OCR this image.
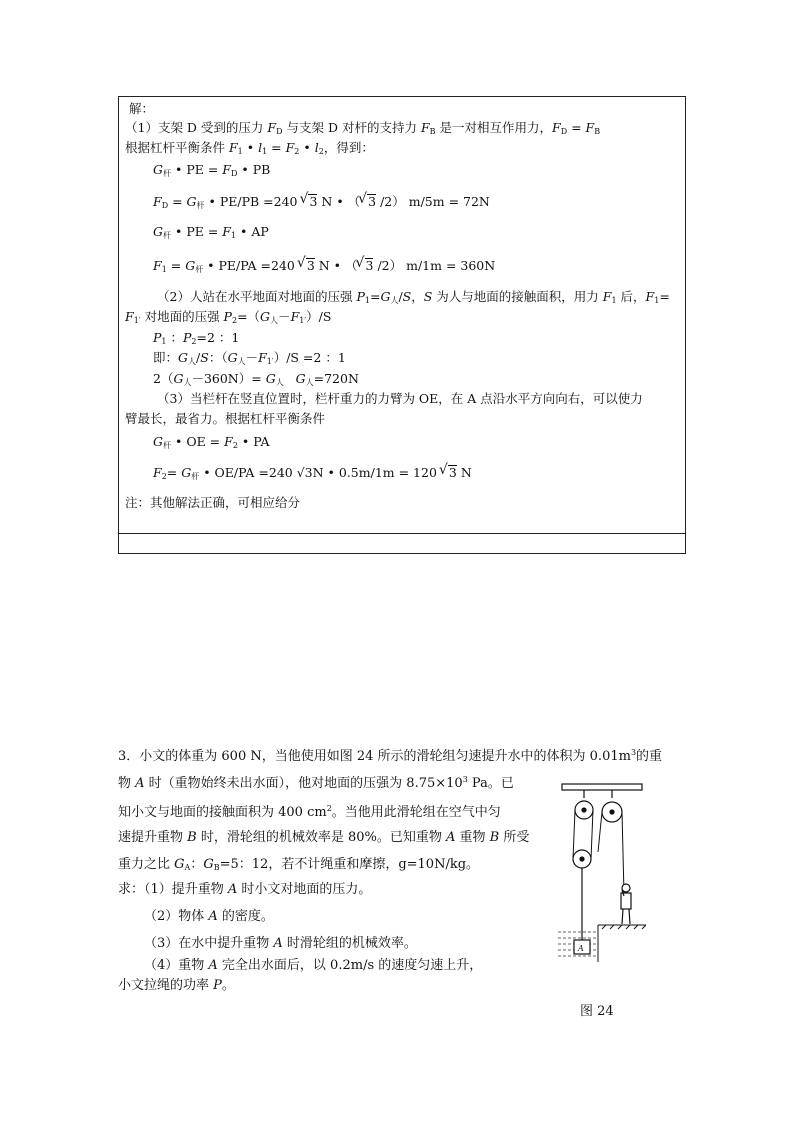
解：
（1）支架 D 受到的压力 $F_D$ 与支架 D 对杆的支持力 $F_B$ 是一对相互作用力，$F_D = F_B$
根据杠杆平衡条件 $F_1$ • $l_1 = F_2$ • $l_2$，得到：
$G_杆$ • PE = $F_D$ • PB
$F_D = G_杆$ • PE/PB =240 √ 3 N • （ √ 3 /2） m/5m = 72N
$G_杆$ • PE = $F_1$ • AP
$F_1 = G_杆$ • PE/PA =240 √ 3 N • （ √ 3 /2） m/1m = 360N
（2）人站在水平地面对地面的压强 $P_1=G_人/S$，S 为人与地面的接触面积，用力 $F_1$ 后，$F_1=$
$F_{1'}$ 对地面的压强 $P_2=(G_人-F_{1'})/S$
$P_1$ ：$P_2=2$ ：1
即：$G_人/S$：$(G_人-F_{1'})/S =2$ ：1
$2(G_人-360N)= G_人$ $G_人=720N$
（3）当栏杆在竖直位置时，栏杆重力的力臂为 OE，在 A 点沿水平方向向右，可以使力
臂最长，最省力。根据杠杆平衡条件
$G_杆$ • OE = $F_2$ • PA
$F_2= G_杆$ • OE/PA =240 √3N • 0.5m/1m = 120 √ 3 N
注：其他解法正确，可相应给分
3．小文的体重为 600 N，当他使用如图 24 所示的滑轮组匀速提升水中的体积为 $0.01m^3$的重
物 A 时（重物始终未出水面），他对地面的压强为 $8.75\times 10^3$ Pa。已
知小文与地面的接触面积为 400 $cm^2$。当他用此滑轮组在空气中匀
速提升重物 B 时，滑轮组的机械效率是 80%。已知重物 A 重物 B 所受
重力之比 $G_A$：$G_B=5$：12，若不计绳重和摩擦，g=10N/kg。
求：（1）提升重物 A 时小文对地面的压力。
（2）物体 A 的密度。
（3）在水中提升重物 A 时滑轮组的机械效率。
（4）重物 A 完全出水面后，以 0.2m/s 的速度匀速上升，
小文拉绳的功率 P。
A
图 24
